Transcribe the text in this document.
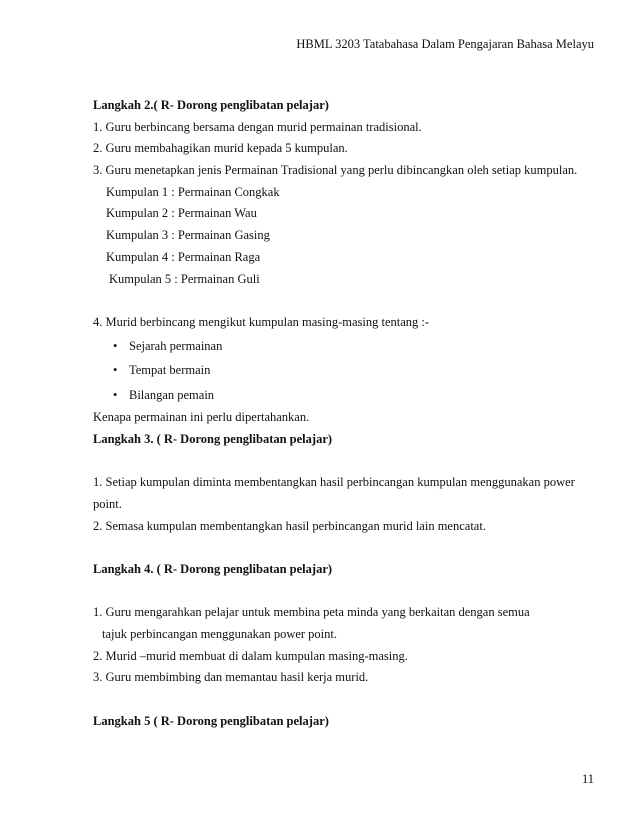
HBML 3203 Tatabahasa Dalam Pengajaran Bahasa Melayu
Langkah 2.( R- Dorong penglibatan pelajar)
1. Guru berbincang bersama dengan murid permainan tradisional.
2. Guru membahagikan murid kepada 5 kumpulan.
3. Guru menetapkan jenis Permainan Tradisional yang perlu dibincangkan oleh setiap kumpulan.
Kumpulan 1 : Permainan Congkak
Kumpulan 2 : Permainan Wau
Kumpulan 3 : Permainan Gasing
Kumpulan 4 : Permainan Raga
Kumpulan 5 : Permainan Guli
4. Murid berbincang mengikut kumpulan masing-masing tentang :-
• Sejarah permainan
• Tempat bermain
• Bilangan pemain
Kenapa permainan ini perlu dipertahankan.
Langkah 3. ( R- Dorong penglibatan pelajar)
1. Setiap kumpulan diminta membentangkan hasil perbincangan kumpulan menggunakan power
point.
2. Semasa kumpulan membentangkan hasil perbincangan murid lain mencatat.
Langkah 4. ( R- Dorong penglibatan pelajar)
1. Guru mengarahkan pelajar untuk membina peta minda yang berkaitan dengan semua
tajuk perbincangan menggunakan power point.
2. Murid –murid membuat di dalam kumpulan masing-masing.
3. Guru membimbing dan memantau hasil kerja murid.
Langkah 5 ( R- Dorong penglibatan pelajar)
11
